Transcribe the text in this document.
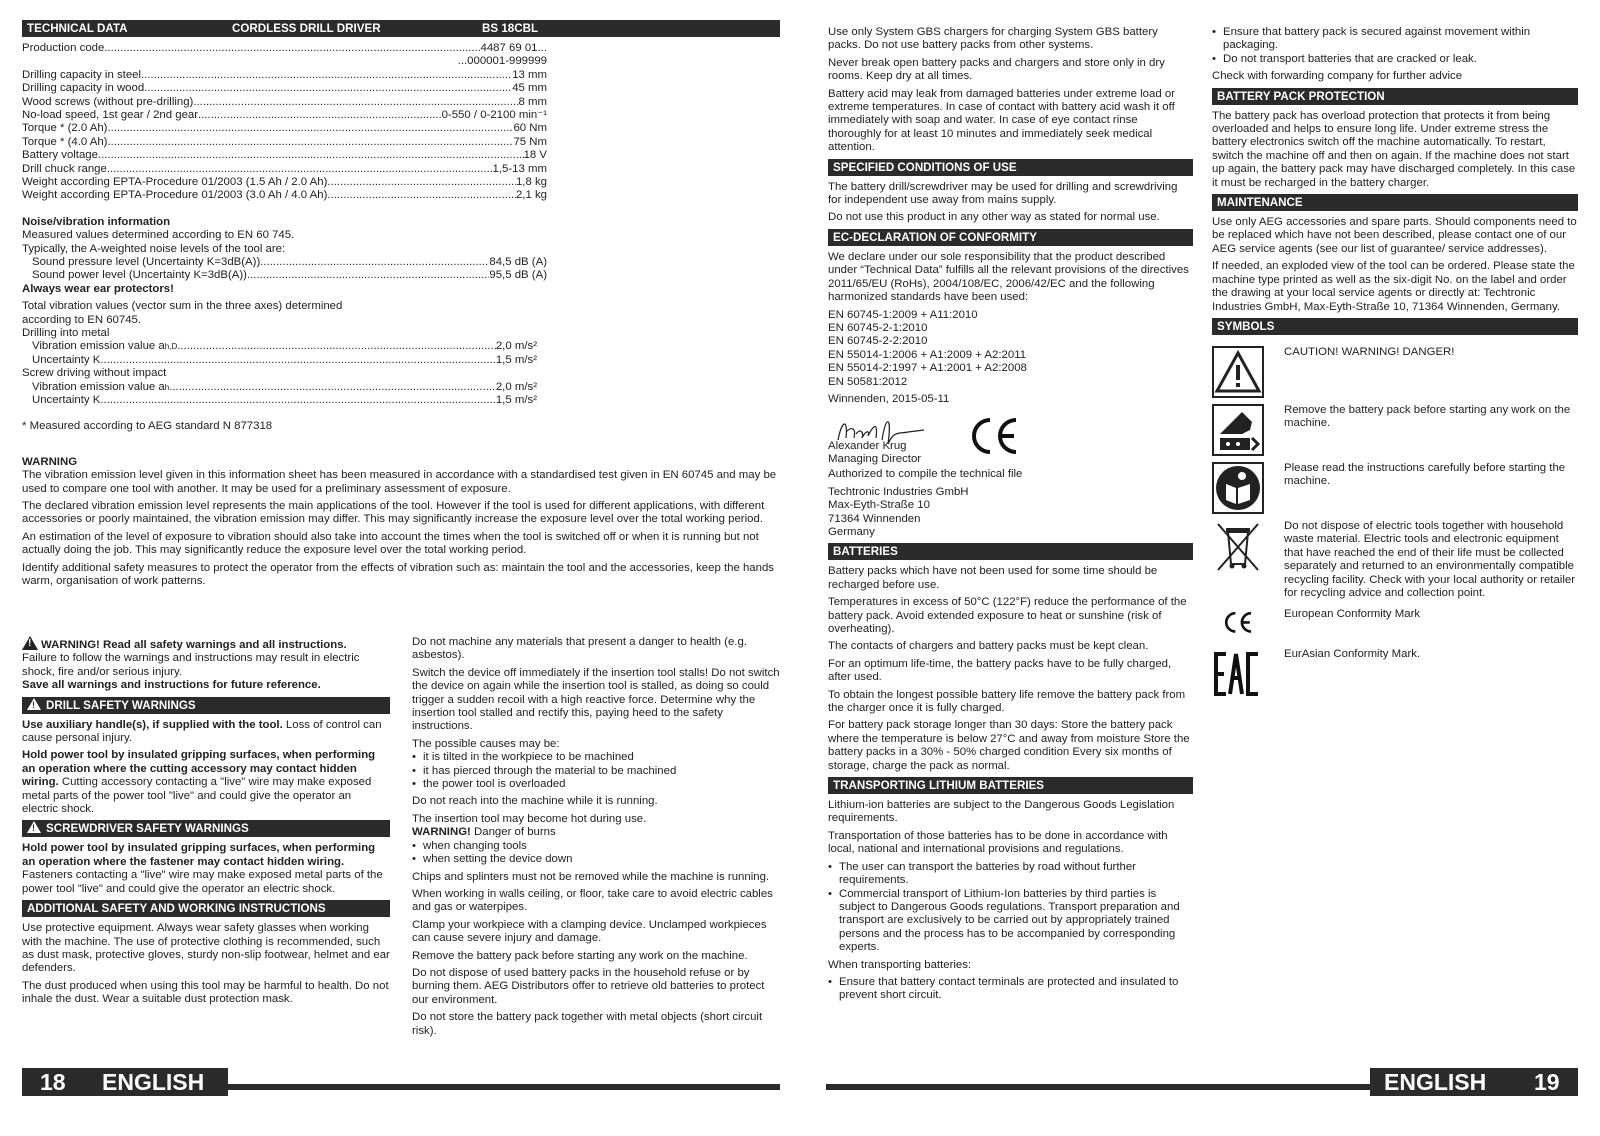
TECHNICAL DATA	CORDLESS DRILL DRIVER	BS 18CBL
Production code .....	4487 69 01...
...000001-999999
Drilling capacity in steel .....	13 mm
Drilling capacity in wood .....	45 mm
Wood screws (without pre-drilling) .....	8 mm
No-load speed, 1st gear / 2nd gear .....	0-550 / 0-2100 min⁻¹
Torque * (2.0 Ah) .....	60 Nm
Torque * (4.0 Ah) .....	75 Nm
Battery voltage .....	18 V
Drill chuck range .....	1,5-13 mm
Weight according EPTA-Procedure 01/2003 (1.5 Ah / 2.0 Ah) .....	1,8 kg
Weight according EPTA-Procedure 01/2003 (3.0 Ah / 4.0 Ah) .....	2,1 kg
Noise/vibration information
Measured values determined according to EN 60 745.
Typically, the A-weighted noise levels of the tool are:
Sound pressure level (Uncertainty K=3dB(A)) .....	84,5 dB (A)
Sound power level (Uncertainty K=3dB(A)) .....	95,5 dB (A)
Always wear ear protectors!
Total vibration values (vector sum in the three axes) determined
according to EN 60745.
Drilling into metal
Vibration emission value a h,D .....	2,0 m/s²
Uncertainty K .....	1,5 m/s²
Screw driving without impact
Vibration emission value a h .....	2,0 m/s²
Uncertainty K .....	1,5 m/s²
* Measured according to AEG standard N 877318
WARNING

The vibration emission level given in this information sheet has been measured in accordance with a standardised test given in EN 60745 and may be used to compare one tool with another. It may be used for a preliminary assessment of exposure.

The declared vibration emission level represents the main applications of the tool. However if the tool is used for different applications, with different accessories or poorly maintained, the vibration emission may differ. This may significantly increase the exposure level over the total working period.

An estimation of the level of exposure to vibration should also take into account the times when the tool is switched off or when it is running but not actually doing the job. This may significantly reduce the exposure level over the total working period.

Identify additional safety measures to protect the operator from the effects of vibration such as: maintain the tool and the accessories, keep the hands warm, organisation of work patterns.

!WARNING! Read all safety warnings and all instructions.
Failure to follow the warnings and instructions may result in electric shock, fire and/or serious injury.
Save all warnings and instructions for future reference.
!DRILL SAFETY WARNINGS

Use auxiliary handle(s), if supplied with the tool. Loss of control can cause personal injury.

Hold power tool by insulated gripping surfaces, when performing an operation where the cutting accessory may contact hidden wiring. Cutting accessory contacting a "live" wire may make exposed metal parts of the power tool "live" and could give the operator an electric shock.

!SCREWDRIVER SAFETY WARNINGS

Hold power tool by insulated gripping surfaces, when performing an operation where the fastener may contact hidden wiring. Fasteners contacting a "live" wire may make exposed metal parts of the power tool "live" and could give the operator an electric shock.

ADDITIONAL SAFETY AND WORKING INSTRUCTIONS

Use protective equipment. Always wear safety glasses when working with the machine. The use of protective clothing is recommended, such as dust mask, protective gloves, sturdy non-slip footwear, helmet and ear defenders.

The dust produced when using this tool may be harmful to health. Do not inhale the dust. Wear a suitable dust protection mask.

Do not machine any materials that present a danger to health (e.g. asbestos).

Switch the device off immediately if the insertion tool stalls! Do not switch the device on again while the insertion tool is stalled, as doing so could trigger a sudden recoil with a high reactive force. Determine why the insertion tool stalled and rectify this, paying heed to the safety instructions.

The possible causes may be:
• it is tilted in the workpiece to be machined
• it has pierced through the material to be machined
• the power tool is overloaded

Do not reach into the machine while it is running.

The insertion tool may become hot during use.
WARNING! Danger of burns
• when changing tools
• when setting the device down

Chips and splinters must not be removed while the machine is running.

When working in walls ceiling, or floor, take care to avoid electric cables and gas or waterpipes.

Clamp your workpiece with a clamping device. Unclamped workpieces can cause severe injury and damage.

Remove the battery pack before starting any work on the machine.

Do not dispose of used battery packs in the household refuse or by burning them. AEG Distributors offer to retrieve old batteries to protect our environment.

Do not store the battery pack together with metal objects (short circuit risk).

18 ENGLISH

Use only System GBS chargers for charging System GBS battery packs. Do not use battery packs from other systems.

Never break open battery packs and chargers and store only in dry rooms. Keep dry at all times.

Battery acid may leak from damaged batteries under extreme load or extreme temperatures. In case of contact with battery acid wash it off immediately with soap and water. In case of eye contact rinse thoroughly for at least 10 minutes and immediately seek medical attention.

SPECIFIED CONDITIONS OF USE

The battery drill/screwdriver may be used for drilling and screwdriving for independent use away from mains supply.

Do not use this product in any other way as stated for normal use.

EC-DECLARATION OF CONFORMITY

We declare under our sole responsibility that the product described under “Technical Data” fulfills all the relevant provisions of the directives 2011/65/EU (RoHs), 2004/108/EC, 2006/42/EC and the following harmonized standards have been used:

EN 60745-1:2009 + A11:2010
EN 60745-2-1:2010
EN 60745-2-2:2010
EN 55014-1:2006 + A1:2009 + A2:2011
EN 55014-2:1997 + A1:2001 + A2:2008
EN 50581:2012
Winnenden, 2015-05-11
Alexander Krug
Managing Director

Authorized to compile the technical file

Techtronic Industries GmbH
Max-Eyth-Straße 10
71364 Winnenden
Germany
BATTERIES

Battery packs which have not been used for some time should be recharged before use.

Temperatures in excess of 50°C (122°F) reduce the performance of the battery pack. Avoid extended exposure to heat or sunshine (risk of overheating).

The contacts of chargers and battery packs must be kept clean.

For an optimum life-time, the battery packs have to be fully charged, after used.

To obtain the longest possible battery life remove the battery pack from the charger once it is fully charged.

For battery pack storage longer than 30 days: Store the battery pack where the temperature is below 27°C and away from moisture Store the battery packs in a 30% - 50% charged condition Every six months of storage, charge the pack as normal.

TRANSPORTING LITHIUM BATTERIES

Lithium-ion batteries are subject to the Dangerous Goods Legislation requirements.

Transportation of those batteries has to be done in accordance with local, national and international provisions and regulations.

• The user can transport the batteries by road without further requirements.
• Commercial transport of Lithium-Ion batteries by third parties is subject to Dangerous Goods regulations. Transport preparation and transport are exclusively to be carried out by appropriately trained persons and the process has to be accompanied by corresponding experts.

When transporting batteries:

• Ensure that battery contact terminals are protected and insulated to prevent short circuit.
• Ensure that battery pack is secured against movement within packaging.
• Do not transport batteries that are cracked or leak.

Check with forwarding company for further advice

BATTERY PACK PROTECTION

The battery pack has overload protection that protects it from being overloaded and helps to ensure long life. Under extreme stress the battery electronics switch off the machine automatically. To restart, switch the machine off and then on again. If the machine does not start up again, the battery pack may have discharged completely. In this case it must be recharged in the battery charger.

MAINTENANCE

Use only AEG accessories and spare parts. Should components need to be replaced which have not been described, please contact one of our AEG service agents (see our list of guarantee/ service addresses).

If needed, an exploded view of the tool can be ordered. Please state the machine type printed as well as the six-digit No. on the label and order the drawing at your local service agents or directly at: Techtronic Industries GmbH, Max-Eyth-Straße 10, 71364 Winnenden, Germany.

SYMBOLS
CAUTION! WARNING! DANGER!
Remove the battery pack before starting any work on the machine.
Please read the instructions carefully before starting the machine.
Do not dispose of electric tools together with household waste material. Electric tools and electronic equipment that have reached the end of their life must be collected separately and returned to an environmentally compatible recycling facility. Check with your local authority or retailer for recycling advice and collection point.
European Conformity Mark
EurAsian Conformity Mark.
ENGLISH 19
